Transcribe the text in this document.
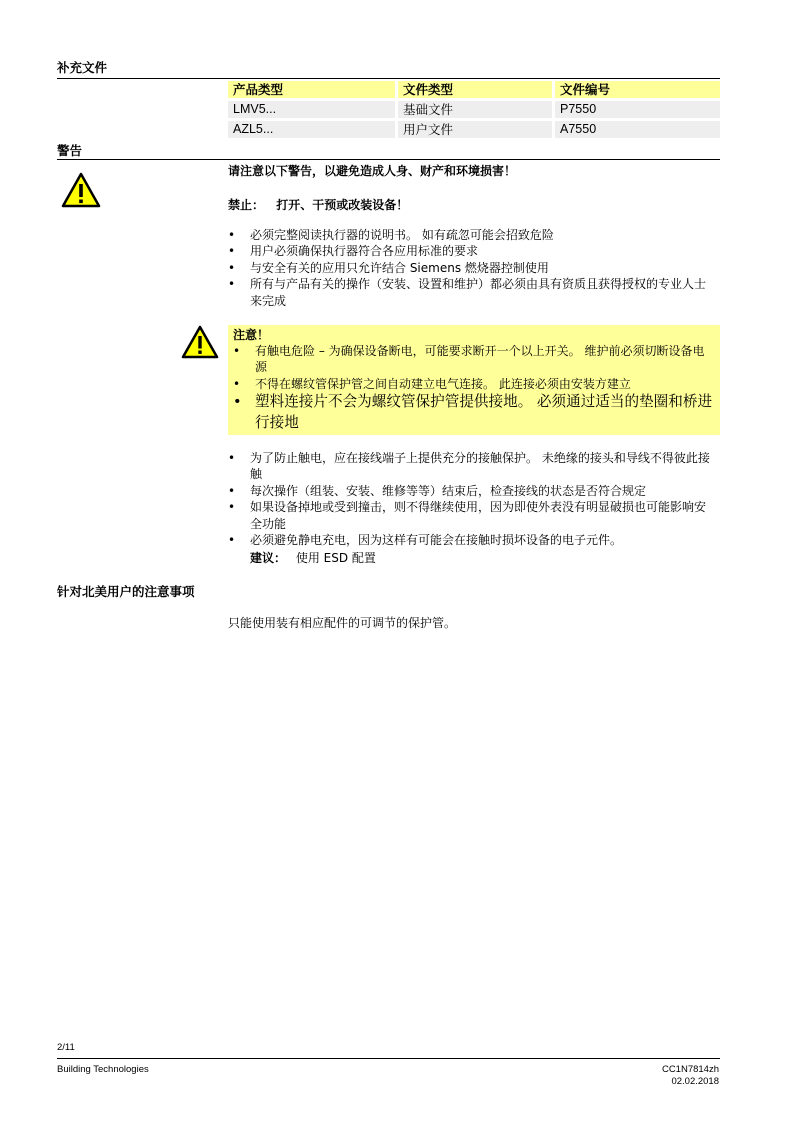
补充文件
产品类型	文件类型	文件编号
LMV5...	基础文件	P7550
AZL5...	用户文件	A7550
警告
请注意以下警告，以避免造成人身、财产和环境损害！
禁止： 打开、干预或改装设备！
• 必须完整阅读执行器的说明书。 如有疏忽可能会招致危险
• 用户必须确保执行器符合各应用标准的要求
• 与安全有关的应用只允许结合 Siemens 燃烧器控制使用
• 所有与产品有关的操作（安装、设置和维护）都必须由具有资质且获得授权的专业人士来完成
注意！
• 有触电危险 – 为确保设备断电，可能要求断开一个以上开关。 维护前必须切断设备电源
• 不得在螺纹管保护管之间自动建立电气连接。 此连接必须由安装方建立
• 塑料连接片不会为螺纹管保护管提供接地。 必须通过适当的垫圈和桥进行接地
• 为了防止触电，应在接线端子上提供充分的接触保护。 未绝缘的接头和导线不得彼此接触
• 每次操作（组装、安装、维修等等）结束后，检查接线的状态是否符合规定
• 如果设备掉地或受到撞击，则不得继续使用，因为即使外表没有明显破损也可能影响安全功能
• 必须避免静电充电，因为这样有可能会在接触时损坏设备的电子元件。
建议： 使用 ESD 配置
针对北美用户的注意事项
只能使用装有相应配件的可调节的保护管。
2/11
Building Technologies	CC1N7814zh
02.02.2018
